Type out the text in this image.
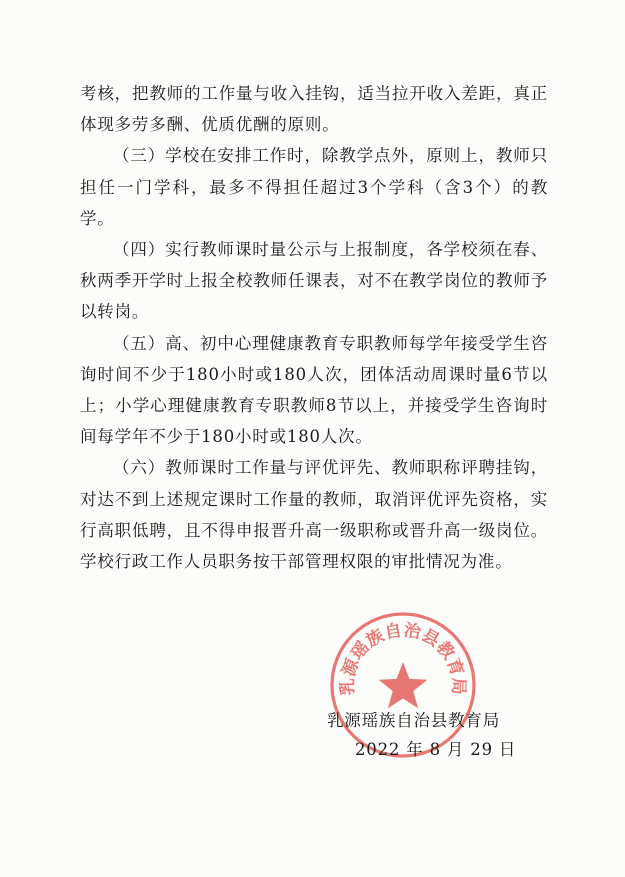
考核，把教师的工作量与收入挂钩，适当拉开收入差距，真正体现多劳多酬、优质优酬的原则。

（三）学校在安排工作时，除教学点外，原则上，教师只担任一门学科，最多不得担任超过3个学科（含3个）的教学。

（四）实行教师课时量公示与上报制度，各学校须在春、秋两季开学时上报全校教师任课表，对不在教学岗位的教师予以转岗。

（五）高、初中心理健康教育专职教师每学年接受学生咨询时间不少于180小时或180人次，团体活动周课时量6节以上；小学心理健康教育专职教师8节以上，并接受学生咨询时间每学年不少于180小时或180人次。

（六）教师课时工作量与评优评先、教师职称评聘挂钩，对达不到上述规定课时工作量的教师，取消评优评先资格，实行高职低聘，且不得申报晋升高一级职称或晋升高一级岗位。学校行政工作人员职务按干部管理权限的审批情况为准。

乳源瑶族自治县教育局
乳源瑶族自治县教育局
2022 年 8 月 29 日
